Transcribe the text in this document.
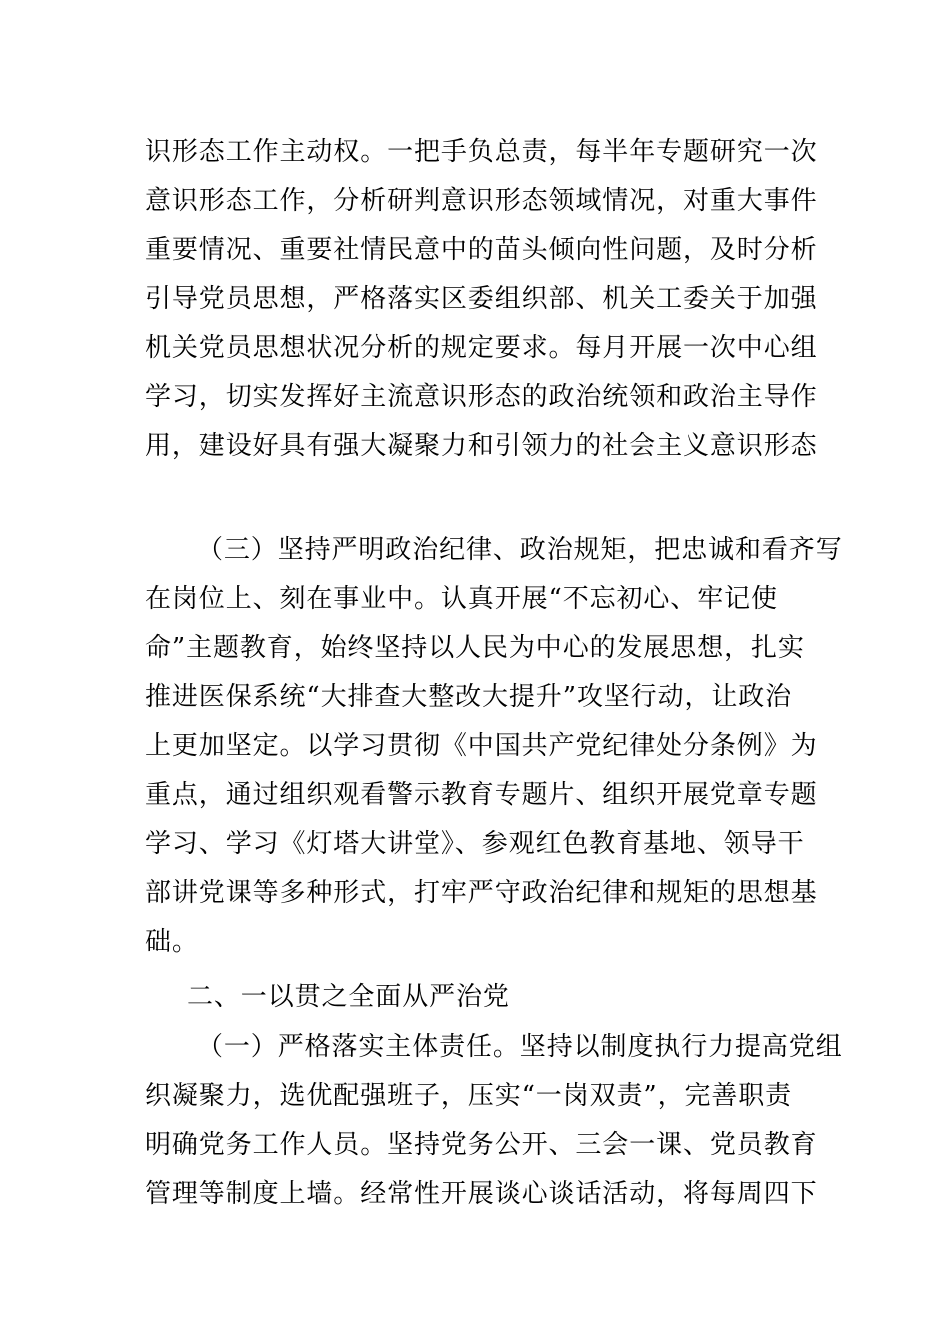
识形态工作主动权。一把手负总责，每半年专题研究一次
意识形态工作，分析研判意识形态领域情况，对重大事件
重要情况、重要社情民意中的苗头倾向性问题，及时分析
引导党员思想，严格落实区委组织部、机关工委关于加强
机关党员思想状况分析的规定要求。每月开展一次中心组
学习，切实发挥好主流意识形态的政治统领和政治主导作
用，建设好具有强大凝聚力和引领力的社会主义意识形态
（三）坚持严明政治纪律、政治规矩，把忠诚和看齐写
在岗位上、刻在事业中。认真开展“不忘初心、牢记使
命”主题教育，始终坚持以人民为中心的发展思想，扎实
推进医保系统“大排查大整改大提升”攻坚行动，让政治
上更加坚定。以学习贯彻《中国共产党纪律处分条例》为
重点，通过组织观看警示教育专题片、组织开展党章专题
学习、学习《灯塔大讲堂》、参观红色教育基地、领导干
部讲党课等多种形式，打牢严守政治纪律和规矩的思想基
础。
二、一以贯之全面从严治党
（一）严格落实主体责任。坚持以制度执行力提高党组
织凝聚力，选优配强班子，压实“一岗双责”，完善职责
明确党务工作人员。坚持党务公开、三会一课、党员教育
管理等制度上墙。经常性开展谈心谈话活动，将每周四下
